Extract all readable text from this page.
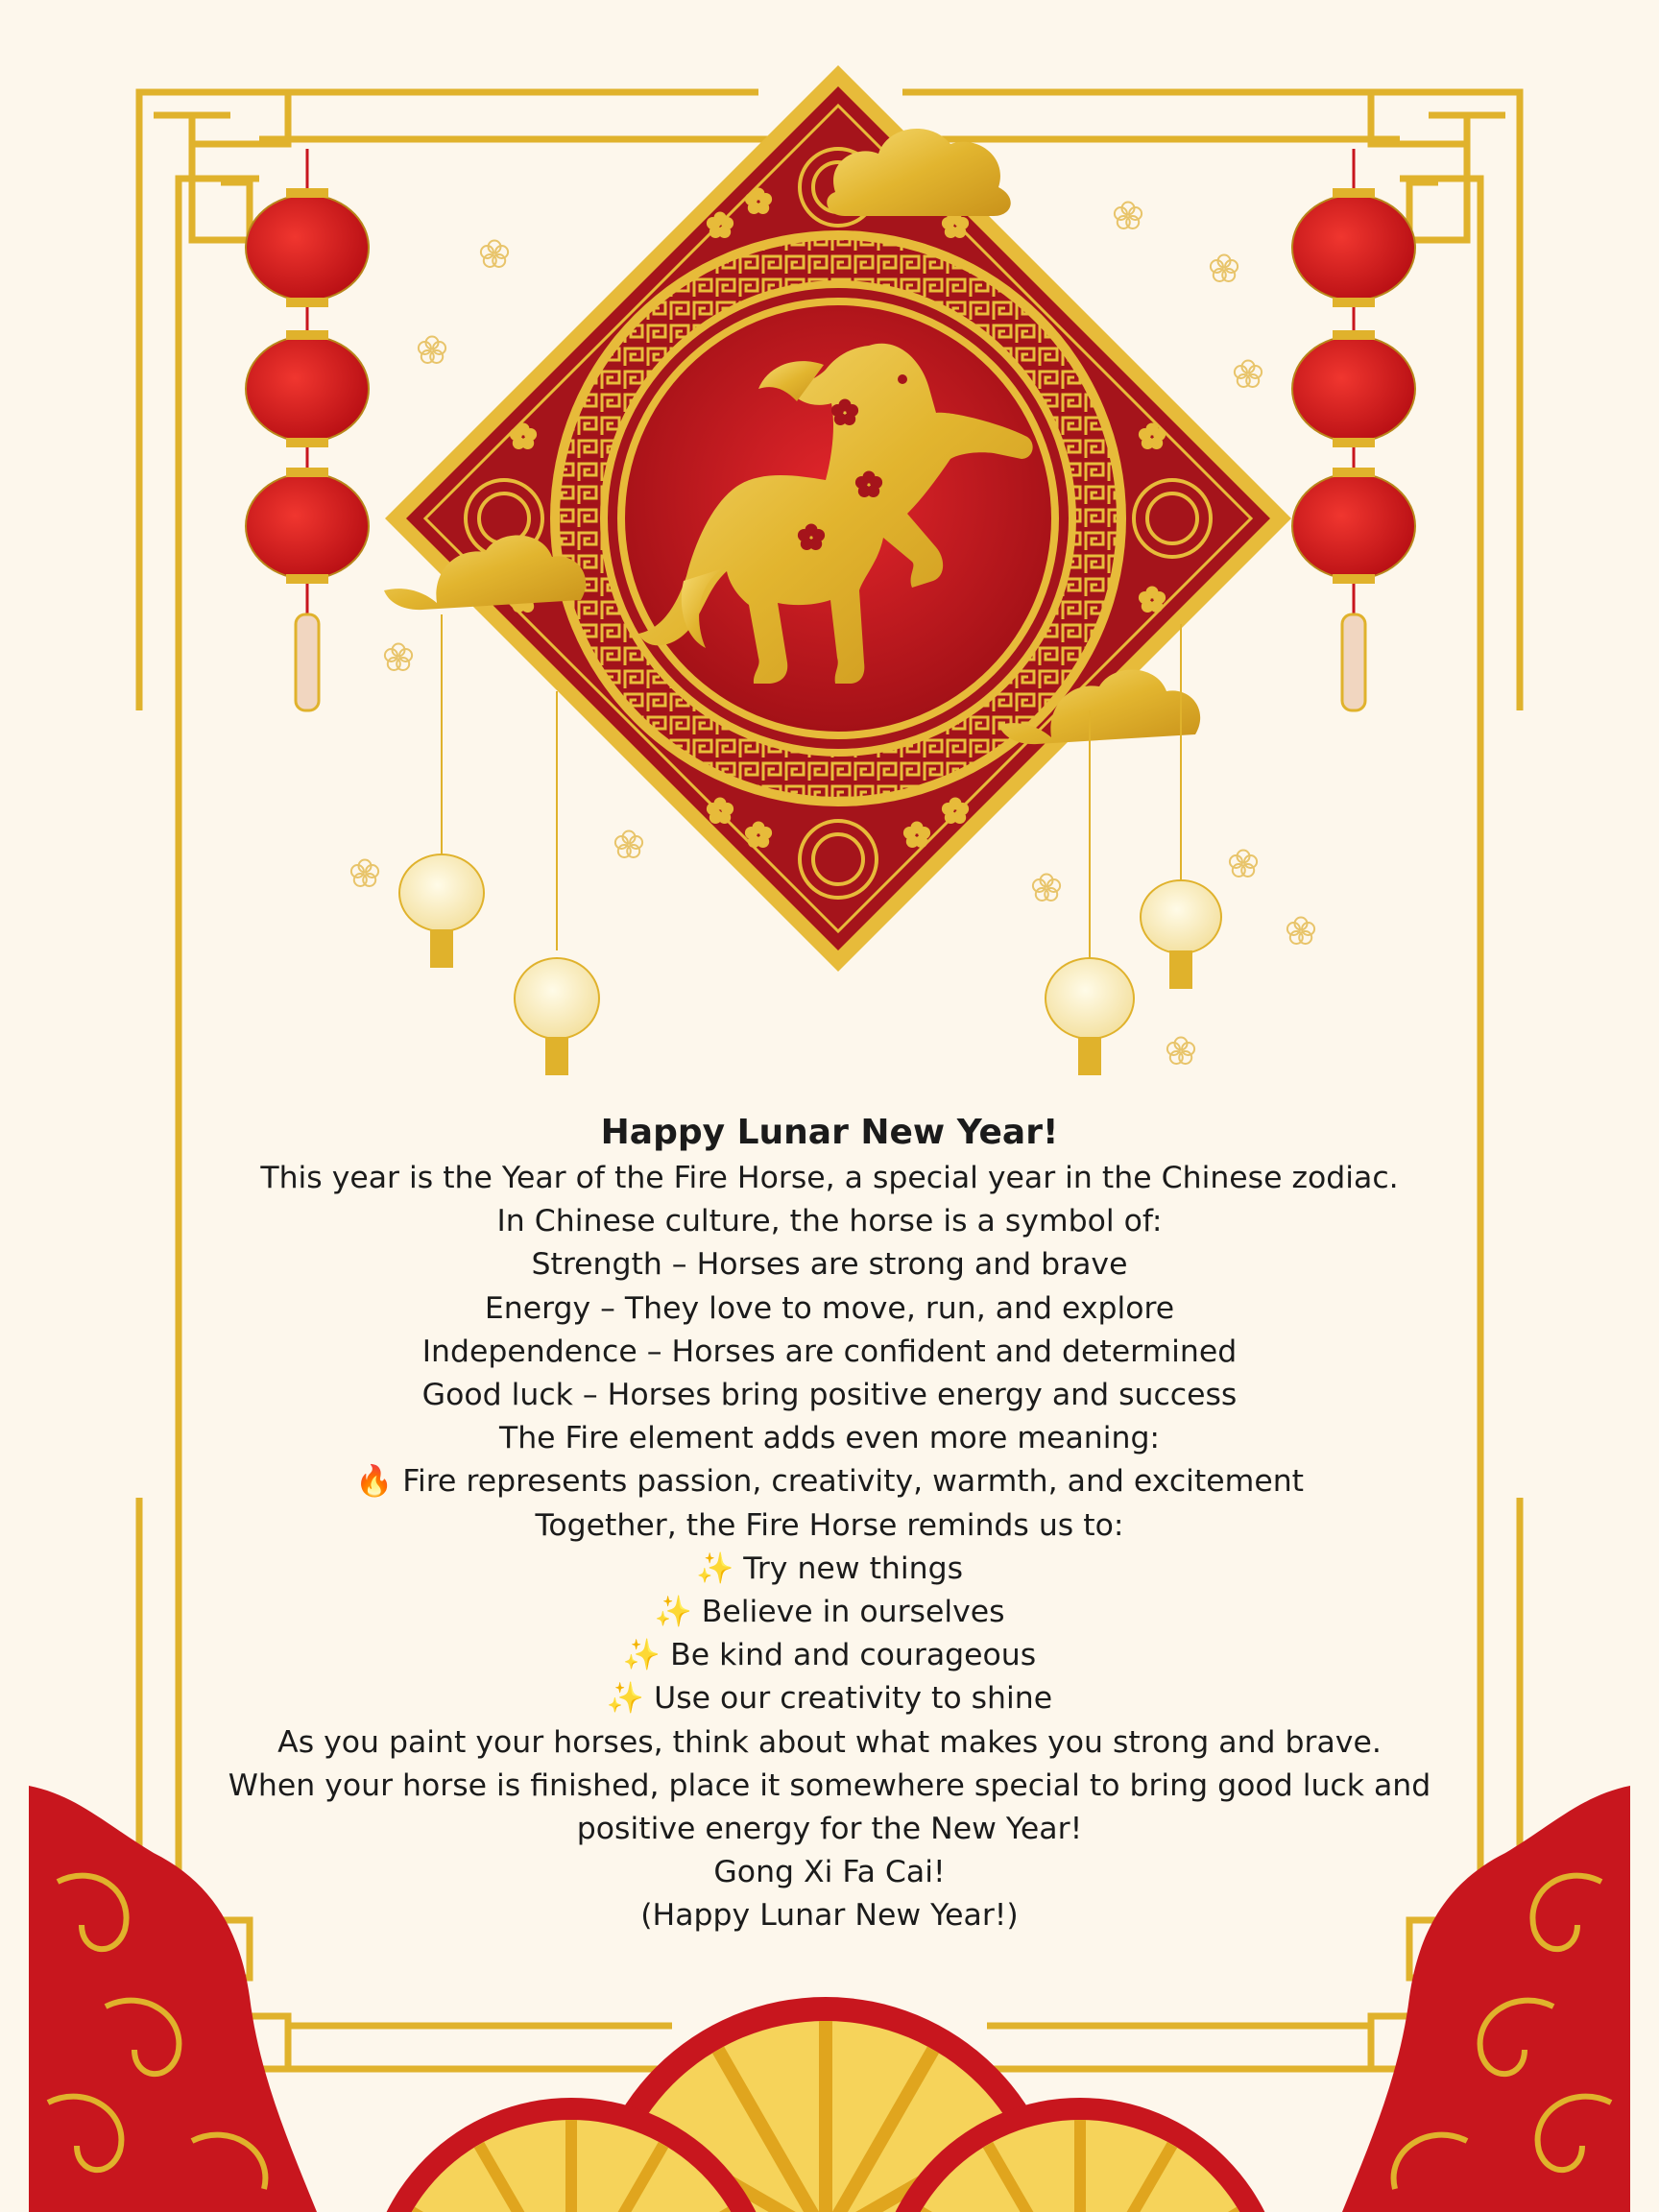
Happy Lunar New Year!

This year is the Year of the Fire Horse, a special year in the Chinese zodiac.

In Chinese culture, the horse is a symbol of:

Strength – Horses are strong and brave

Energy – They love to move, run, and explore

Independence – Horses are confident and determined

Good luck – Horses bring positive energy and success

The Fire element adds even more meaning:

🔥 Fire represents passion, creativity, warmth, and excitement

Together, the Fire Horse reminds us to:

✨ Try new things

✨ Believe in ourselves

✨ Be kind and courageous

✨ Use our creativity to shine

As you paint your horses, think about what makes you strong and brave.

When your horse is finished, place it somewhere special to bring good luck and positive energy for the New Year!

Gong Xi Fa Cai!

(Happy Lunar New Year!)
